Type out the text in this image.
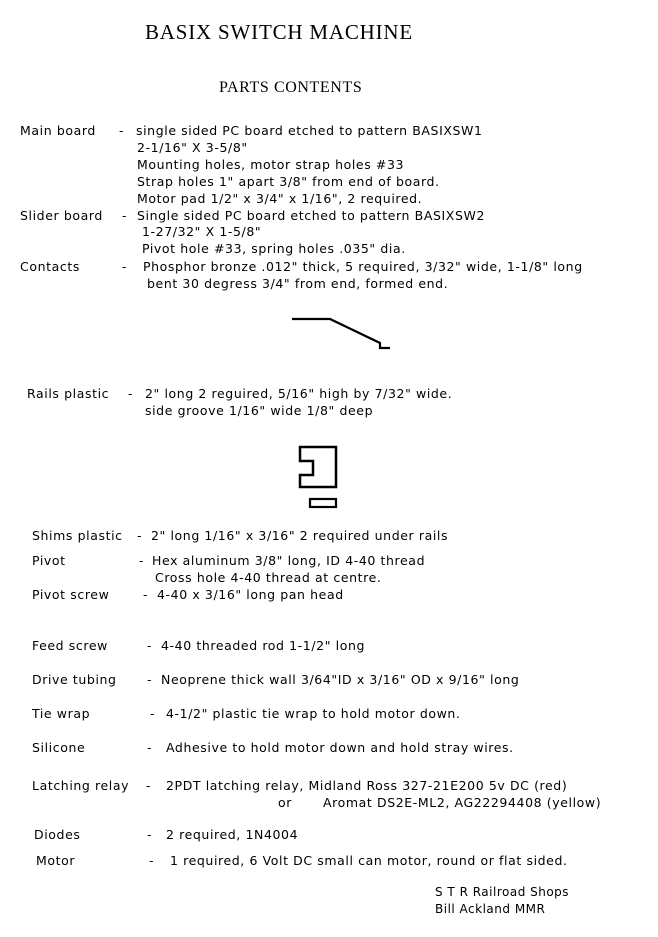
BASIX SWITCH MACHINE
PARTS CONTENTS
Main board - single sided PC board etched to pattern BASIXSW1
2-1/16" X 3-5/8"
Mounting holes, motor strap holes #33
Strap holes 1" apart 3/8" from end of board.
Motor pad 1/2" x 3/4" x 1/16", 2 required.
Slider board - Single sided PC board etched to pattern BASIXSW2
1-27/32" X 1-5/8"
Pivot hole #33, spring holes .035" dia.
Contacts	- Phosphor bronze .012" thick, 5 required, 3/32" wide, 1-1/8" long
bent 30 degress 3/4" from end, formed end.
Rails plastic - 2" long 2 reguired, 5/16" high by 7/32" wide.
side groove 1/16" wide 1/8" deep
Shims plastic - 2" long 1/16" x 3/16" 2 required under rails
Pivot	- Hex aluminum 3/8" long, ID 4-40 thread
Cross hole 4-40 thread at centre.
Pivot screw	- 4-40 x 3/16" long pan head
Feed screw	- 4-40 threaded rod 1-1/2" long
Drive tubing - Neoprene thick wall 3/64"ID x 3/16" OD x 9/16" long
Tie wrap	- 4-1/2" plastic tie wrap to hold motor down.
Silicone	- Adhesive to hold motor down and hold stray wires.
Latching relay - 2PDT latching relay, Midland Ross 327-21E200 5v DC (red)
or Aromat DS2E-ML2, AG22294408 (yellow)
Diodes	- 2 required, 1N4004
Motor	- 1 required, 6 Volt DC small can motor, round or flat sided.
S T R Railroad Shops
Bill Ackland MMR
